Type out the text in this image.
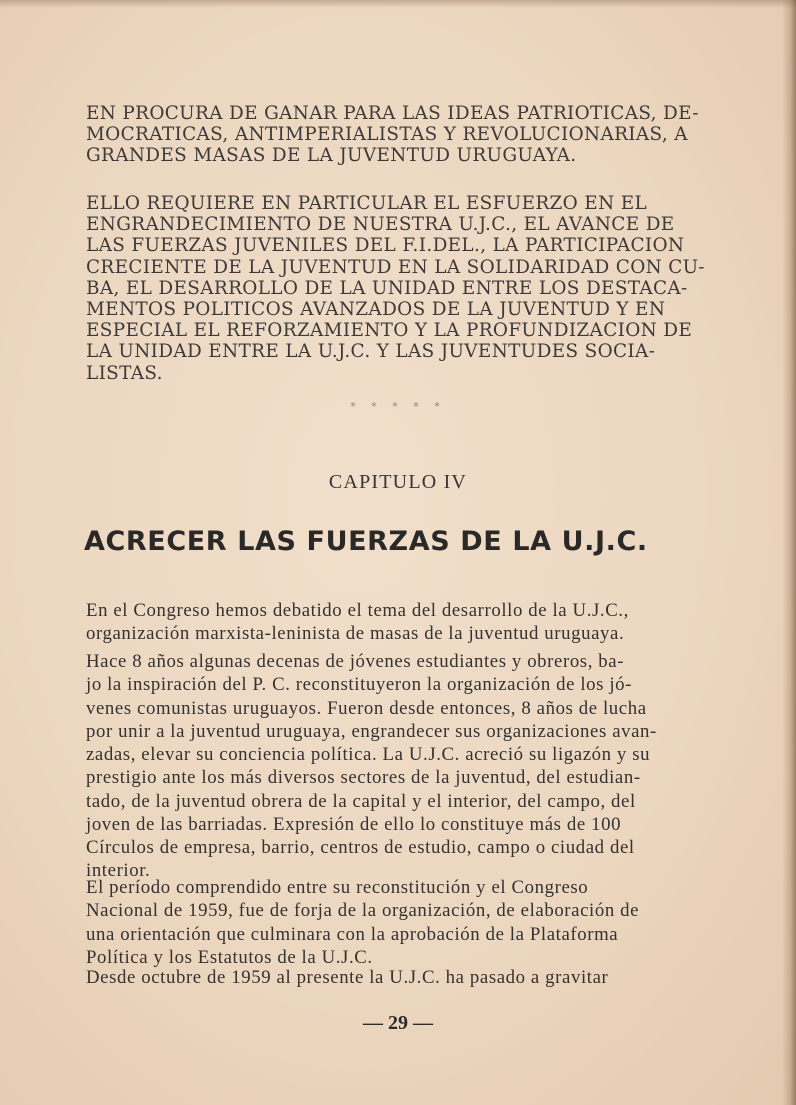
EN PROCURA DE GANAR PARA LAS IDEAS PATRIOTICAS, DE-
MOCRATICAS, ANTIMPERIALISTAS Y REVOLUCIONARIAS, A
GRANDES MASAS DE LA JUVENTUD URUGUAYA.

ELLO REQUIERE EN PARTICULAR EL ESFUERZO EN EL
ENGRANDECIMIENTO DE NUESTRA U.J.C., EL AVANCE DE
LAS FUERZAS JUVENILES DEL F.I.DEL., LA PARTICIPACION
CRECIENTE DE LA JUVENTUD EN LA SOLIDARIDAD CON CU-
BA, EL DESARROLLO DE LA UNIDAD ENTRE LOS DESTACA-
MENTOS POLITICOS AVANZADOS DE LA JUVENTUD Y EN
ESPECIAL EL REFORZAMIENTO Y LA PROFUNDIZACION DE
LA UNIDAD ENTRE LA U.J.C. Y LAS JUVENTUDES SOCIA-
LISTAS.

* * * * *
CAPITULO IV
ACRECER LAS FUERZAS DE LA U.J.C.

En el Congreso hemos debatido el tema del desarrollo de la U.J.C.,
organización marxista-leninista de masas de la juventud uruguaya.

Hace 8 años algunas decenas de jóvenes estudiantes y obreros, ba-
jo la inspiración del P. C. reconstituyeron la organización de los jó-
venes comunistas uruguayos. Fueron desde entonces, 8 años de lucha
por unir a la juventud uruguaya, engrandecer sus organizaciones avan-
zadas, elevar su conciencia política. La U.J.C. acreció su ligazón y su
prestigio ante los más diversos sectores de la juventud, del estudian-
tado, de la juventud obrera de la capital y el interior, del campo, del
joven de las barriadas. Expresión de ello lo constituye más de 100
Círculos de empresa, barrio, centros de estudio, campo o ciudad del
interior.

El período comprendido entre su reconstitución y el Congreso
Nacional de 1959, fue de forja de la organización, de elaboración de
una orientación que culminara con la aprobación de la Plataforma
Política y los Estatutos de la U.J.C.

Desde octubre de 1959 al presente la U.J.C. ha pasado a gravitar

— 29 —
